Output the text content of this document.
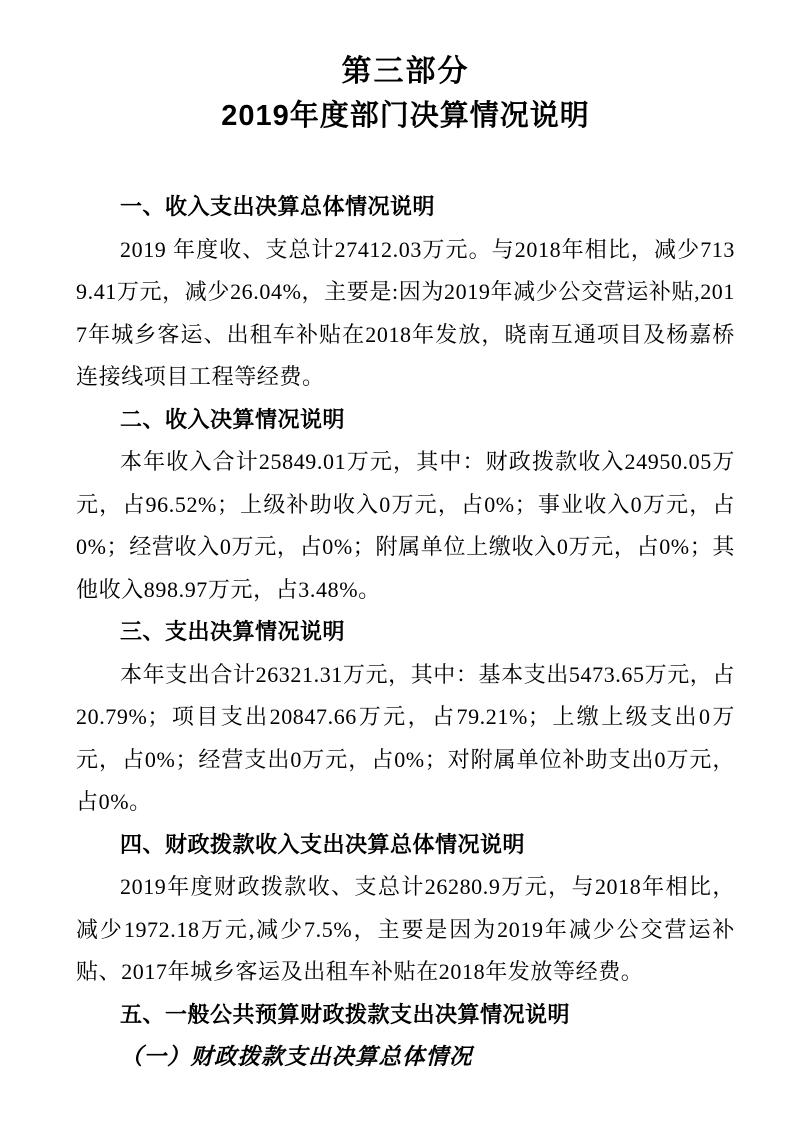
第三部分
2019年度部门决算情况说明
一、收入支出决算总体情况说明

2019 年度收、支总计27412.03万元。与2018年相比，减少7139.41万元，减少26.04%，主要是:因为2019年减少公交营运补贴,2017年城乡客运、出租车补贴在2018年发放，晓南互通项目及杨嘉桥连接线项目工程等经费。

二、收入决算情况说明

本年收入合计25849.01万元，其中：财政拨款收入24950.05万元，占96.52%；上级补助收入0万元，占0%；事业收入0万元，占0%；经营收入0万元，占0%；附属单位上缴收入0万元，占0%；其他收入898.97万元，占3.48%。

三、支出决算情况说明

本年支出合计26321.31万元，其中：基本支出5473.65万元，占20.79%；项目支出20847.66万元，占79.21%；上缴上级支出0万元，占0%；经营支出0万元，占0%；对附属单位补助支出0万元，占0%。

四、财政拨款收入支出决算总体情况说明

2019年度财政拨款收、支总计26280.9万元，与2018年相比，减少1972.18万元,减少7.5%，主要是因为2019年减少公交营运补贴、2017年城乡客运及出租车补贴在2018年发放等经费。

五、一般公共预算财政拨款支出决算情况说明

（一）财政拨款支出决算总体情况
